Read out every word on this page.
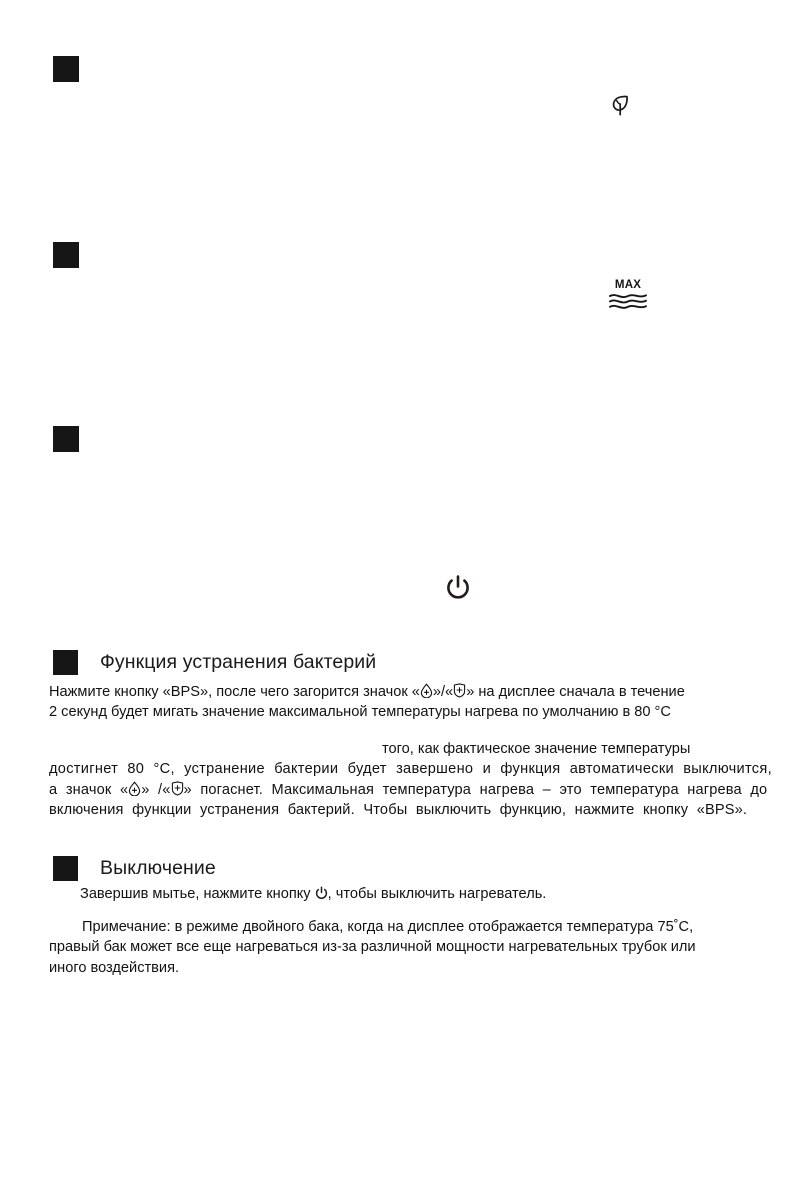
MAX
Функция устранения бактерий
Нажмите кнопку «BPS», после чего загорится значок « »/« » на дисплее сначала в течение
2 секунд будет мигать значение максимальной температуры нагрева по умолчанию в 80 °C
того, как фактическое значение температуры
достигнет 80 °C, устранение бактерии будет завершено и функция автоматически выключится,
а значок « » /« » погаснет. Максимальная температура нагрева – это температура нагрева до
включения функции устранения бактерий. Чтобы выключить функцию, нажмите кнопку «BPS».
Выключение
Завершив мытье, нажмите кнопку
, чтобы выключить нагреватель.
Примечание: в режиме двойного бака, когда на дисплее отображается температура 75˚C,
правый бак может все еще нагреваться из-за различной мощности нагревательных трубок или
иного воздействия.
